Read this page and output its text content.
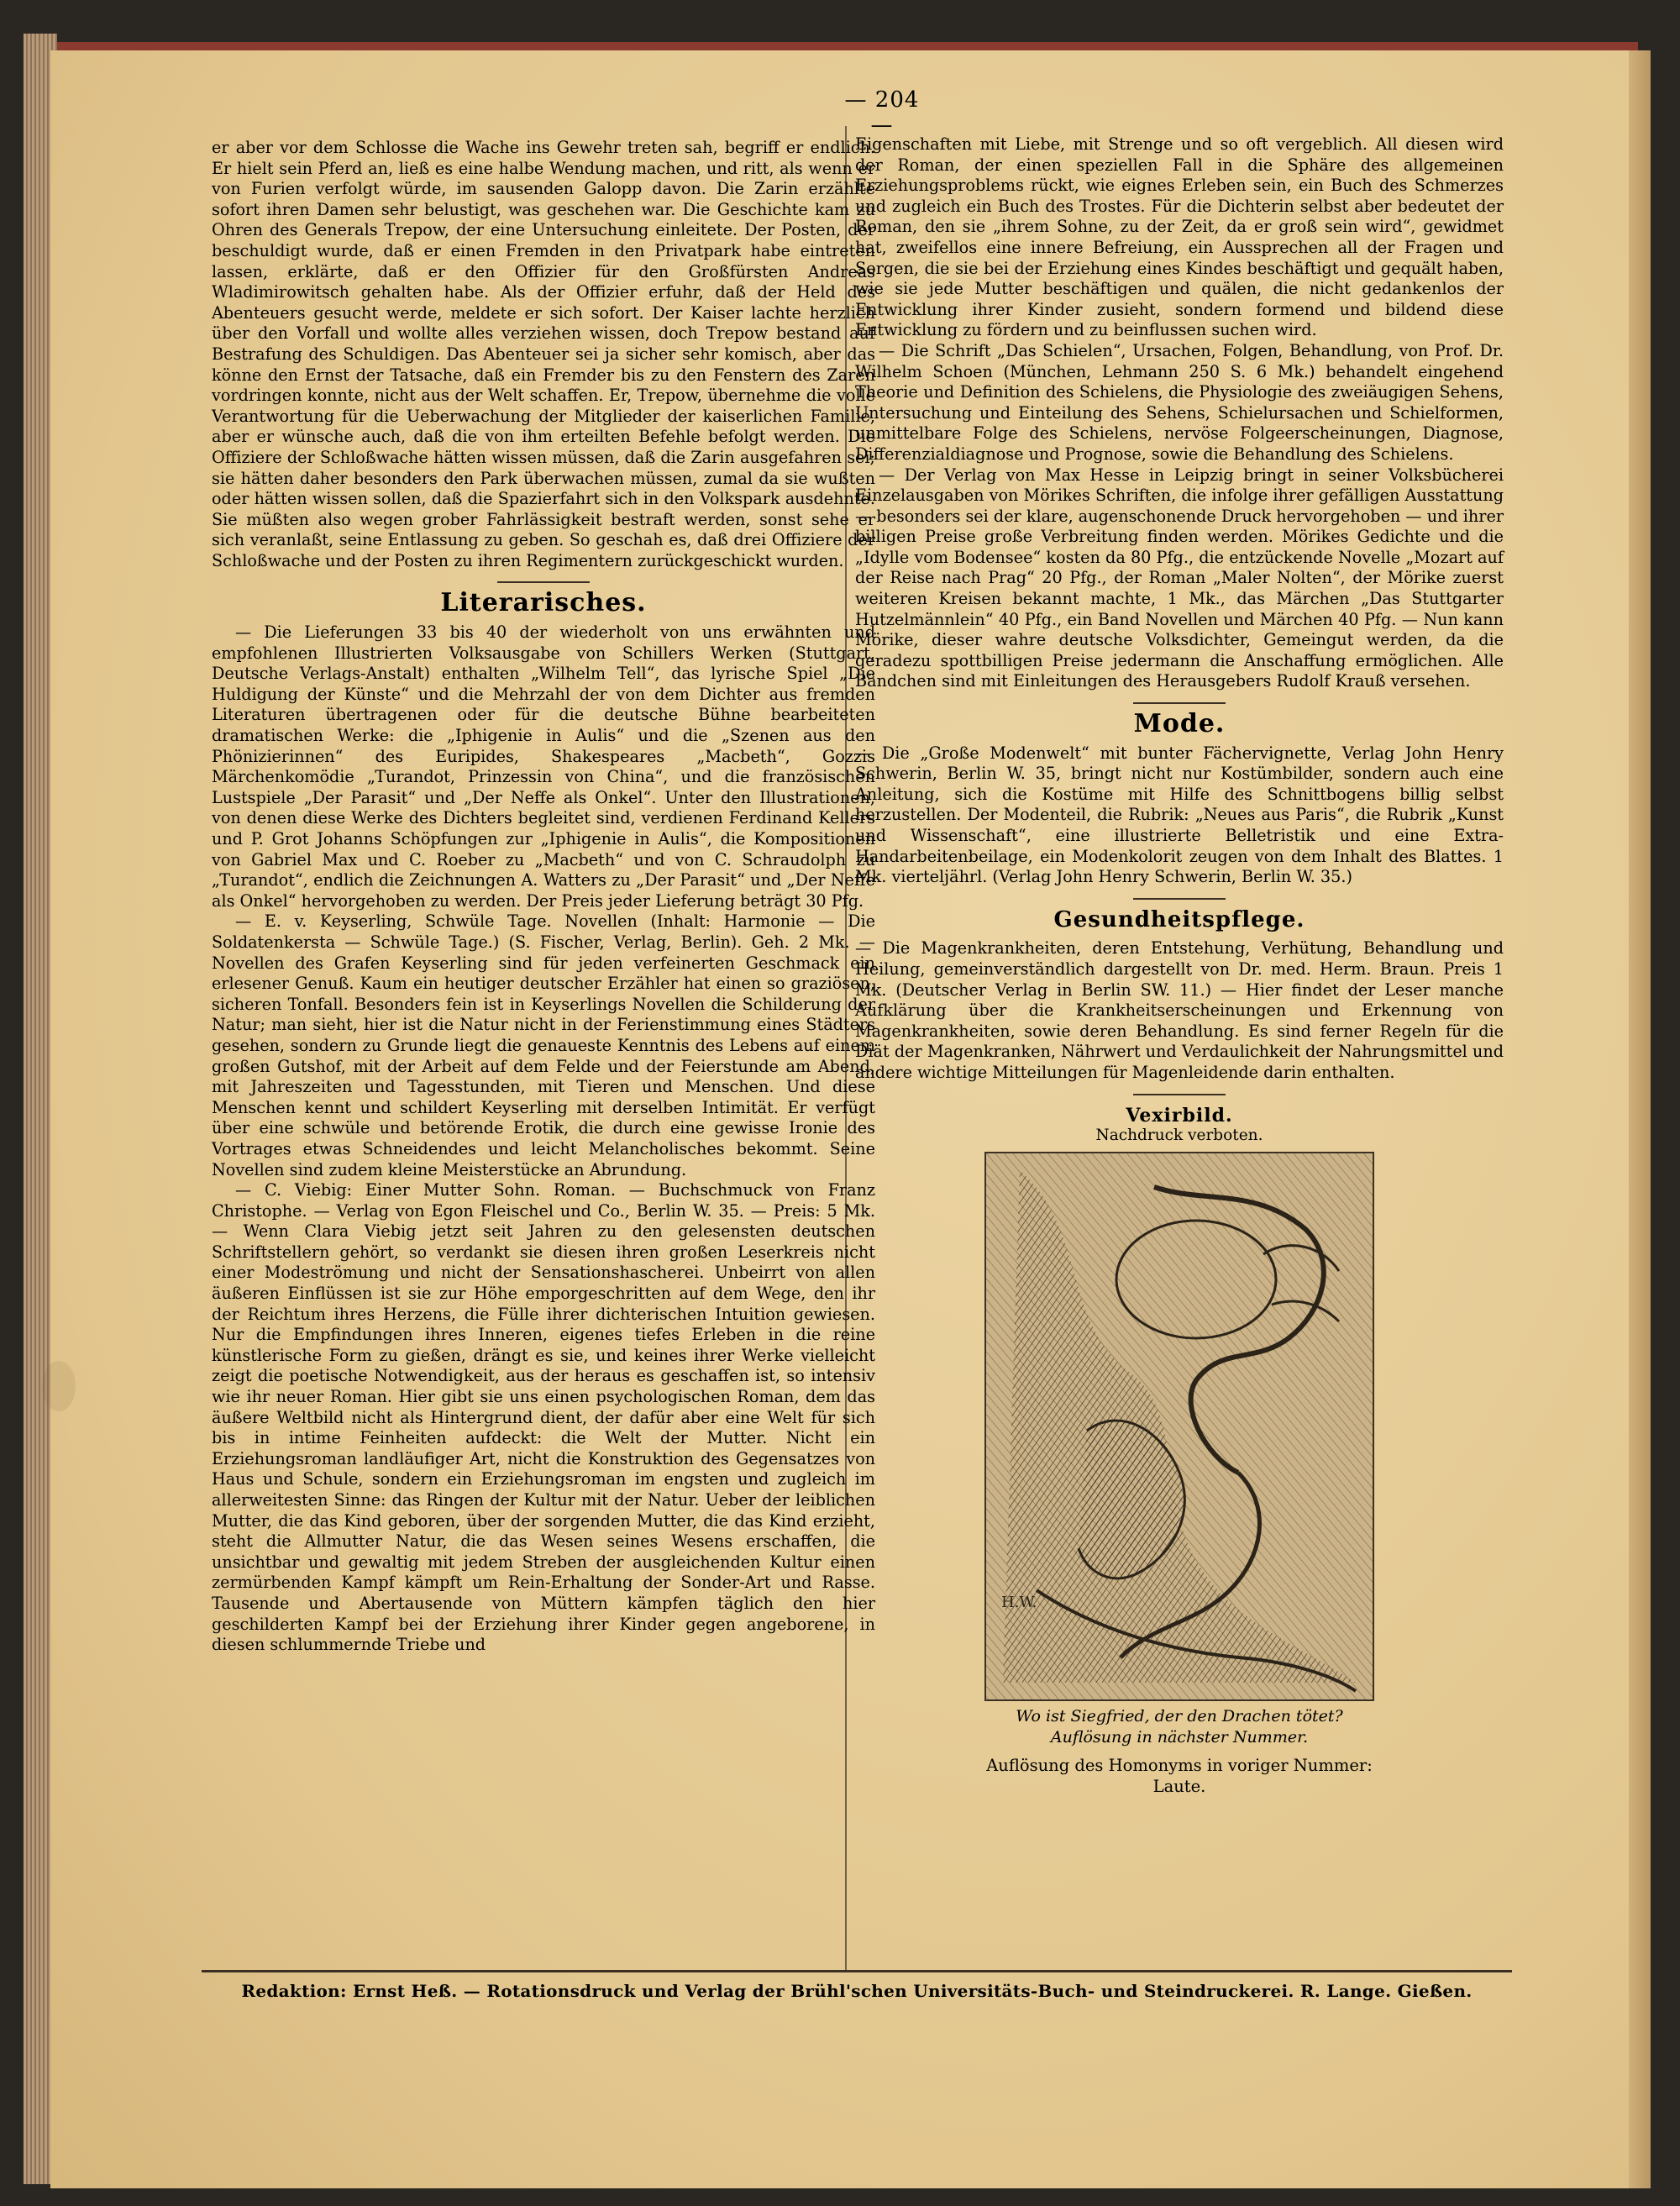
— 204 —

er aber vor dem Schlosse die Wache ins Gewehr treten sah, begriff er endlich. Er hielt sein Pferd an, ließ es eine halbe Wendung machen, und ritt, als wenn er von Furien verfolgt würde, im sausenden Galopp davon. Die Zarin erzählte sofort ihren Damen sehr belustigt, was geschehen war. Die Geschichte kam zu Ohren des Generals Trepow, der eine Untersuchung einleitete. Der Posten, der beschuldigt wurde, daß er einen Fremden in den Privatpark habe eintreten lassen, erklärte, daß er den Offizier für den Großfürsten Andreas Wladimirowitsch gehalten habe. Als der Offizier erfuhr, daß der Held des Abenteuers gesucht werde, meldete er sich sofort. Der Kaiser lachte herzlich über den Vorfall und wollte alles verziehen wissen, doch Trepow bestand auf Bestrafung des Schuldigen. Das Abenteuer sei ja sicher sehr komisch, aber das könne den Ernst der Tatsache, daß ein Fremder bis zu den Fenstern des Zaren vordringen konnte, nicht aus der Welt schaffen. Er, Trepow, übernehme die volle Verantwortung für die Ueberwachung der Mitglieder der kaiserlichen Familie, aber er wünsche auch, daß die von ihm erteilten Befehle befolgt werden. Die Offiziere der Schloßwache hätten wissen müssen, daß die Zarin ausgefahren sei; sie hätten daher besonders den Park überwachen müssen, zumal da sie wußten oder hätten wissen sollen, daß die Spazierfahrt sich in den Volkspark ausdehnte. Sie müßten also wegen grober Fahrlässigkeit bestraft werden, sonst sehe er sich veranlaßt, seine Entlassung zu geben. So geschah es, daß drei Offiziere der Schloßwache und der Posten zu ihren Regimentern zurückgeschickt wurden.

Literarisches.

— Die Lieferungen 33 bis 40 der wiederholt von uns erwähnten und empfohlenen Illustrierten Volksausgabe von Schillers Werken (Stuttgart, Deutsche Verlags-Anstalt) enthalten „Wilhelm Tell“, das lyrische Spiel „Die Huldigung der Künste“ und die Mehrzahl der von dem Dichter aus fremden Literaturen übertragenen oder für die deutsche Bühne bearbeiteten dramatischen Werke: die „Iphigenie in Aulis“ und die „Szenen aus den Phönizierinnen“ des Euripides, Shakespeares „Macbeth“, Gozzis Märchenkomödie „Turandot, Prinzessin von China“, und die französischen Lustspiele „Der Parasit“ und „Der Neffe als Onkel“. Unter den Illustrationen, von denen diese Werke des Dichters begleitet sind, verdienen Ferdinand Kellers und P. Grot Johanns Schöpfungen zur „Iphigenie in Aulis“, die Kompositionen von Gabriel Max und C. Roeber zu „Macbeth“ und von C. Schraudolph zu „Turandot“, endlich die Zeichnungen A. Watters zu „Der Parasit“ und „Der Neffe als Onkel“ hervorgehoben zu werden. Der Preis jeder Lieferung beträgt 30 Pfg.

— E. v. Keyserling, Schwüle Tage. Novellen (Inhalt: Harmonie — Die Soldatenkersta — Schwüle Tage.) (S. Fischer, Verlag, Berlin). Geh. 2 Mk. — Novellen des Grafen Keyserling sind für jeden verfeinerten Geschmack ein erlesener Genuß. Kaum ein heutiger deutscher Erzähler hat einen so graziösen, sicheren Tonfall. Besonders fein ist in Keyserlings Novellen die Schilderung der Natur; man sieht, hier ist die Natur nicht in der Ferienstimmung eines Städters gesehen, sondern zu Grunde liegt die genaueste Kenntnis des Lebens auf einem großen Gutshof, mit der Arbeit auf dem Felde und der Feierstunde am Abend, mit Jahreszeiten und Tagesstunden, mit Tieren und Menschen. Und diese Menschen kennt und schildert Keyserling mit derselben Intimität. Er verfügt über eine schwüle und betörende Erotik, die durch eine gewisse Ironie des Vortrages etwas Schneidendes und leicht Melancholisches bekommt. Seine Novellen sind zudem kleine Meisterstücke an Abrundung.

— C. Viebig: Einer Mutter Sohn. Roman. — Buchschmuck von Franz Christophe. — Verlag von Egon Fleischel und Co., Berlin W. 35. — Preis: 5 Mk. — Wenn Clara Viebig jetzt seit Jahren zu den gelesensten deutschen Schriftstellern gehört, so verdankt sie diesen ihren großen Leserkreis nicht einer Modeströmung und nicht der Sensationshascherei. Unbeirrt von allen äußeren Einflüssen ist sie zur Höhe emporgeschritten auf dem Wege, den ihr der Reichtum ihres Herzens, die Fülle ihrer dichterischen Intuition gewiesen. Nur die Empfindungen ihres Inneren, eigenes tiefes Erleben in die reine künstlerische Form zu gießen, drängt es sie, und keines ihrer Werke vielleicht zeigt die poetische Notwendigkeit, aus der heraus es geschaffen ist, so intensiv wie ihr neuer Roman. Hier gibt sie uns einen psychologischen Roman, dem das äußere Weltbild nicht als Hintergrund dient, der dafür aber eine Welt für sich bis in intime Feinheiten aufdeckt: die Welt der Mutter. Nicht ein Erziehungsroman landläufiger Art, nicht die Konstruktion des Gegensatzes von Haus und Schule, sondern ein Erziehungsroman im engsten und zugleich im allerweitesten Sinne: das Ringen der Kultur mit der Natur. Ueber der leiblichen Mutter, die das Kind geboren, über der sorgenden Mutter, die das Kind erzieht, steht die Allmutter Natur, die das Wesen seines Wesens erschaffen, die unsichtbar und gewaltig mit jedem Streben der ausgleichenden Kultur einen zermürbenden Kampf kämpft um Rein-Erhaltung der Sonder-Art und Rasse. Tausende und Abertausende von Müttern kämpfen täglich den hier geschilderten Kampf bei der Erziehung ihrer Kinder gegen angeborene, in diesen schlummernde Triebe und

Eigenschaften mit Liebe, mit Strenge und so oft vergeblich. All diesen wird der Roman, der einen speziellen Fall in die Sphäre des allgemeinen Erziehungsproblems rückt, wie eignes Erleben sein, ein Buch des Schmerzes und zugleich ein Buch des Trostes. Für die Dichterin selbst aber bedeutet der Roman, den sie „ihrem Sohne, zu der Zeit, da er groß sein wird“, gewidmet hat, zweifellos eine innere Befreiung, ein Aussprechen all der Fragen und Sorgen, die sie bei der Erziehung eines Kindes beschäftigt und gequält haben, wie sie jede Mutter beschäftigen und quälen, die nicht gedankenlos der Entwicklung ihrer Kinder zusieht, sondern formend und bildend diese Entwicklung zu fördern und zu beinflussen suchen wird.

— Die Schrift „Das Schielen“, Ursachen, Folgen, Behandlung, von Prof. Dr. Wilhelm Schoen (München, Lehmann 250 S. 6 Mk.) behandelt eingehend Theorie und Definition des Schielens, die Physiologie des zweiäugigen Sehens, Untersuchung und Einteilung des Sehens, Schielursachen und Schielformen, unmittelbare Folge des Schielens, nervöse Folgeerscheinungen, Diagnose, Differenzialdiagnose und Prognose, sowie die Behandlung des Schielens.

— Der Verlag von Max Hesse in Leipzig bringt in seiner Volksbücherei Einzelausgaben von Mörikes Schriften, die infolge ihrer gefälligen Ausstattung — besonders sei der klare, augenschonende Druck hervorgehoben — und ihrer billigen Preise große Verbreitung finden werden. Mörikes Gedichte und die „Idylle vom Bodensee“ kosten da 80 Pfg., die entzückende Novelle „Mozart auf der Reise nach Prag“ 20 Pfg., der Roman „Maler Nolten“, der Mörike zuerst weiteren Kreisen bekannt machte, 1 Mk., das Märchen „Das Stuttgarter Hutzelmännlein“ 40 Pfg., ein Band Novellen und Märchen 40 Pfg. — Nun kann Mörike, dieser wahre deutsche Volksdichter, Gemeingut werden, da die geradezu spottbilligen Preise jedermann die Anschaffung ermöglichen. Alle Bändchen sind mit Einleitungen des Herausgebers Rudolf Krauß versehen.

Mode.

— Die „Große Modenwelt“ mit bunter Fächervignette, Verlag John Henry Schwerin, Berlin W. 35, bringt nicht nur Kostümbilder, sondern auch eine Anleitung, sich die Kostüme mit Hilfe des Schnittbogens billig selbst herzustellen. Der Modenteil, die Rubrik: „Neues aus Paris“, die Rubrik „Kunst und Wissenschaft“, eine illustrierte Belletristik und eine Extra-Handarbeitenbeilage, ein Modenkolorit zeugen von dem Inhalt des Blattes. 1 Mk. vierteljährl. (Verlag John Henry Schwerin, Berlin W. 35.)

Gesundheitspflege.

— Die Magenkrankheiten, deren Entstehung, Verhütung, Behandlung und Heilung, gemeinverständlich dargestellt von Dr. med. Herm. Braun. Preis 1 Mk. (Deutscher Verlag in Berlin SW. 11.) — Hier findet der Leser manche Aufklärung über die Krankheitserscheinungen und Erkennung von Magenkrankheiten, sowie deren Behandlung. Es sind ferner Regeln für die Diät der Magenkranken, Nährwert und Verdaulichkeit der Nahrungsmittel und andere wichtige Mitteilungen für Magenleidende darin enthalten.

Vexirbild.
Nachdruck verboten.
H.W.
Wo ist Siegfried, der den Drachen tötet?
Auflösung in nächster Nummer.
Auflösung des Homonyms in voriger Nummer:
Laute.
Redaktion: Ernst Heß. — Rotationsdruck und Verlag der Brühl'schen Universitäts-Buch- und Steindruckerei. R. Lange. Gießen.
